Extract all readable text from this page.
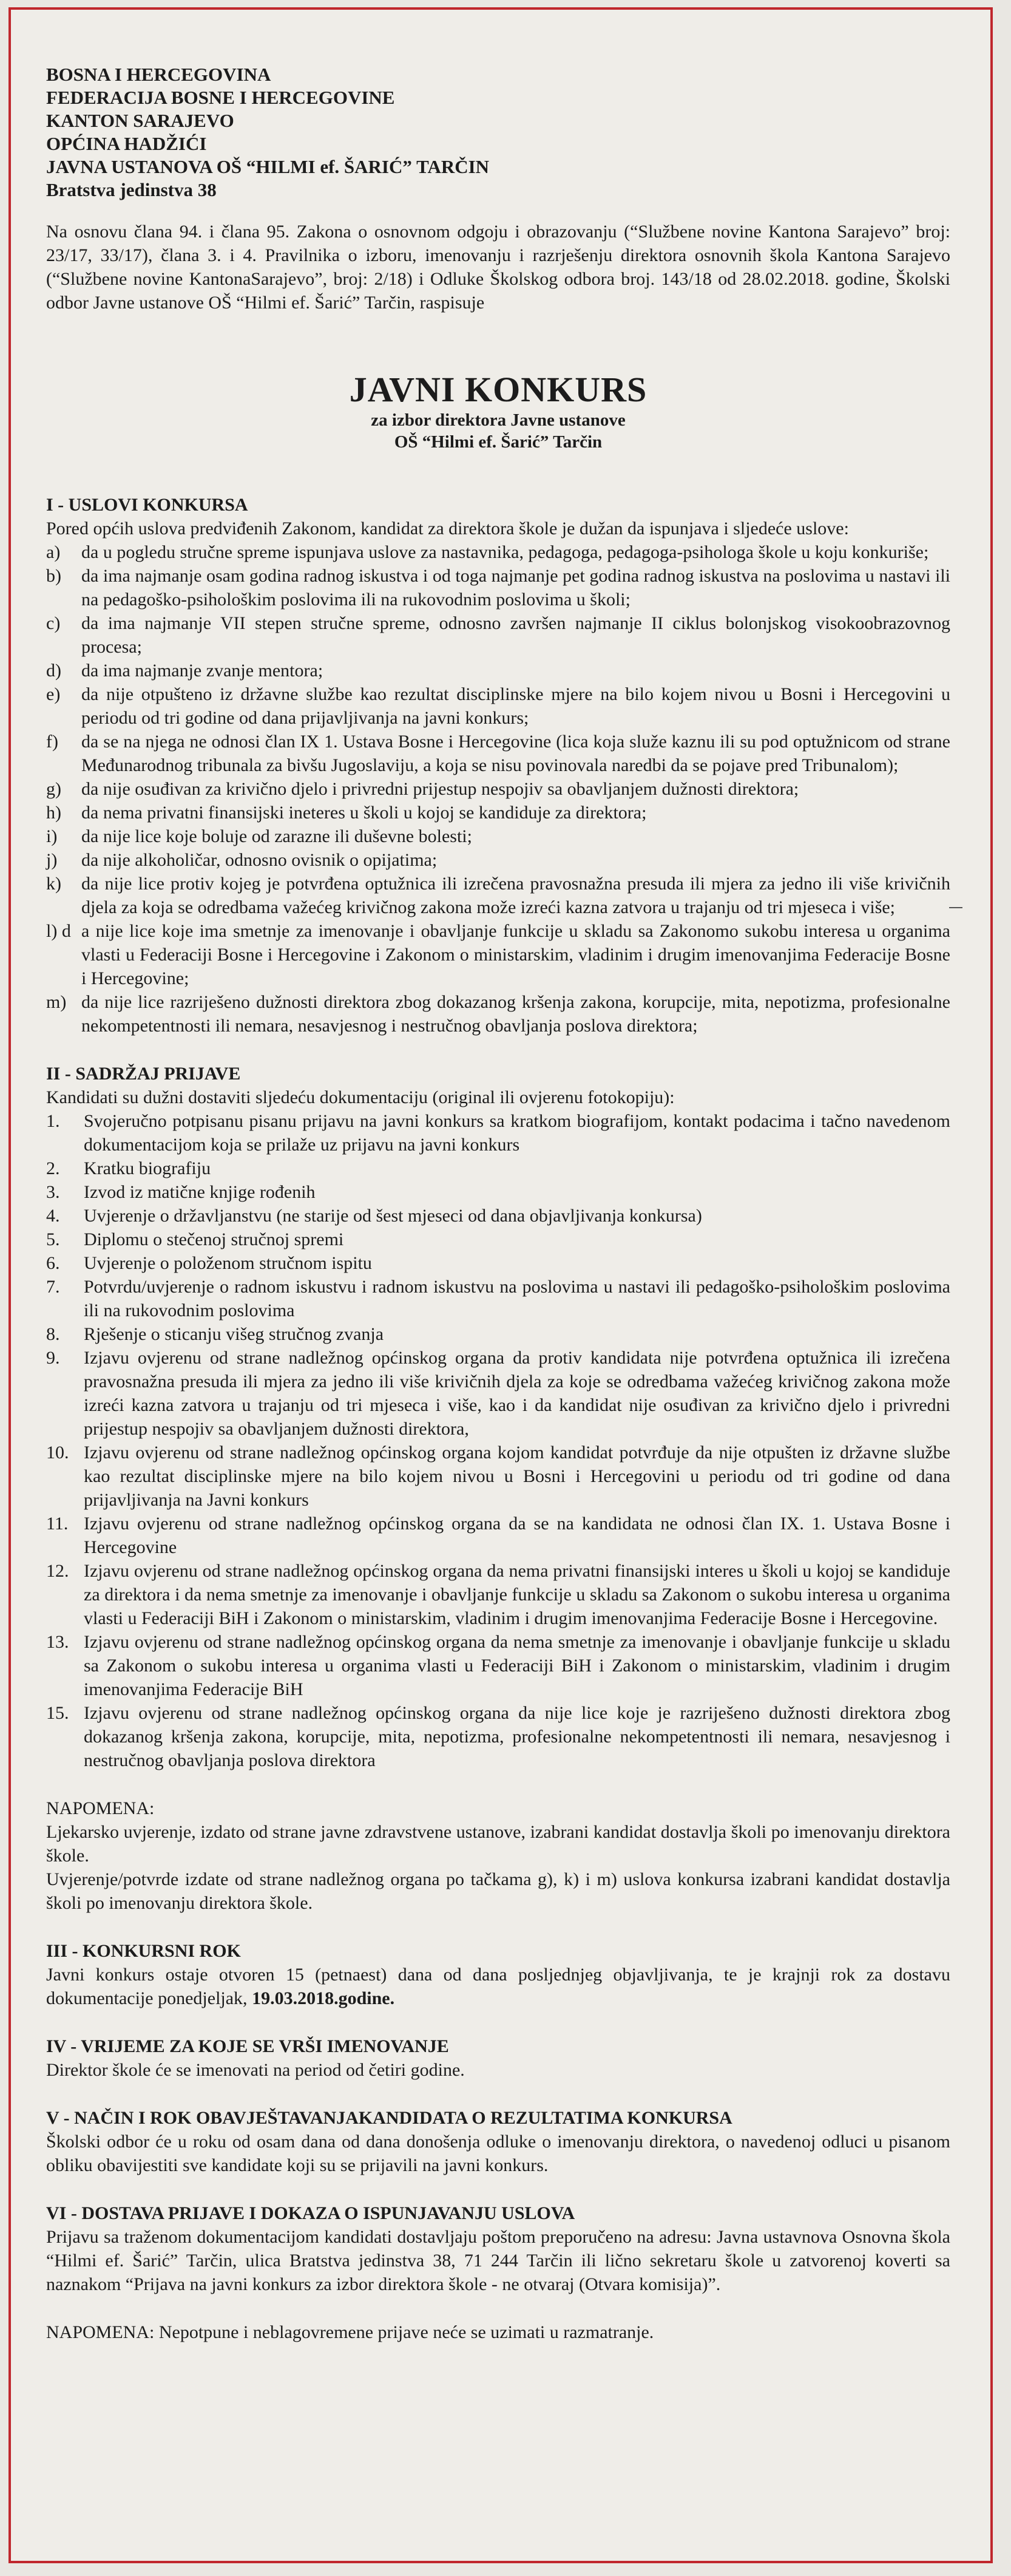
BOSNA I HERCEGOVINA
FEDERACIJA BOSNE I HERCEGOVINE
KANTON SARAJEVO
OPĆINA HADŽIĆI
JAVNA USTANOVA OŠ “HILMI ef. ŠARIĆ” TARČIN
Bratstva jedinstva 38

Na osnovu člana 94. i člana 95. Zakona o osnovnom odgoju i obrazovanju (“Službene novine Kantona Sarajevo” broj: 23/17, 33/17), člana 3. i 4. Pravilnika o izboru, imenovanju i razrješenju direktora osnovnih škola Kantona Sarajevo (“Službene novine KantonaSarajevo”, broj: 2/18) i Odluke Školskog odbora broj. 143/18 od 28.02.2018. godine, Školski odbor Javne ustanove OŠ “Hilmi ef. Šarić” Tarčin, raspisuje

JAVNI KONKURS
za izbor direktora Javne ustanove
OŠ “Hilmi ef. Šarić” Tarčin
I - USLOVI KONKURSA

Pored općih uslova predviđenih Zakonom, kandidat za direktora škole je dužan da ispunjava i sljedeće uslove:

a) da u pogledu stručne spreme ispunjava uslove za nastavnika, pedagoga, pedagoga-psihologa škole u koju konkuriše;
b) da ima najmanje osam godina radnog iskustva i od toga najmanje pet godina radnog iskustva na poslovima u nastavi ili na pedagoško-psihološkim poslovima ili na rukovodnim poslovima u školi;
c) da ima najmanje VII stepen stručne spreme, odnosno završen najmanje II ciklus bolonjskog visokoobrazovnog procesa;
d) da ima najmanje zvanje mentora;
e) da nije otpušteno iz državne službe kao rezultat disciplinske mjere na bilo kojem nivou u Bosni i Hercegovini u periodu od tri godine od dana prijavljivanja na javni konkurs;
f) da se na njega ne odnosi član IX 1. Ustava Bosne i Hercegovine (lica koja služe kaznu ili su pod optužnicom od strane Međunarodnog tribunala za bivšu Jugoslaviju, a koja se nisu povinovala naredbi da se pojave pred Tribunalom);
g) da nije osuđivan za krivično djelo i privredni prijestup nespojiv sa obavljanjem dužnosti direktora;
h) da nema privatni finansijski ineteres u školi u kojoj se kandiduje za direktora;
i) da nije lice koje boluje od zarazne ili duševne bolesti;
j) da nije alkoholičar, odnosno ovisnik o opijatima;
k) da nije lice protiv kojeg je potvrđena optužnica ili izrečena pravosnažna presuda ili mjera za jedno ili više krivičnih djela za koja se odredbama važećeg krivičnog zakona može izreći kazna zatvora u trajanju od tri mjeseca i više;
l) d a nije lice koje ima smetnje za imenovanje i obavljanje funkcije u skladu sa Zakonomo sukobu interesa u organima vlasti u Federaciji Bosne i Hercegovine i Zakonom o ministarskim, vladinim i drugim imenovanjima Federacije Bosne i Hercegovine;
m) da nije lice razriješeno dužnosti direktora zbog dokazanog kršenja zakona, korupcije, mita, nepotizma, profesionalne nekompetentnosti ili nemara, nesavjesnog i nestručnog obavljanja poslova direktora;
II - SADRŽAJ PRIJAVE

Kandidati su dužni dostaviti sljedeću dokumentaciju (original ili ovjerenu fotokopiju):

1. Svojeručno potpisanu pisanu prijavu na javni konkurs sa kratkom biografijom, kontakt podacima i tačno navedenom dokumentacijom koja se prilaže uz prijavu na javni konkurs
2. Kratku biografiju
3. Izvod iz matične knjige rođenih
4. Uvjerenje o državljanstvu (ne starije od šest mjeseci od dana objavljivanja konkursa)
5. Diplomu o stečenoj stručnoj spremi
6. Uvjerenje o položenom stručnom ispitu
7. Potvrdu/uvjerenje o radnom iskustvu i radnom iskustvu na poslovima u nastavi ili pedagoško-psihološkim poslovima ili na rukovodnim poslovima
8. Rješenje o sticanju višeg stručnog zvanja
9. Izjavu ovjerenu od strane nadležnog općinskog organa da protiv kandidata nije potvrđena optužnica ili izrečena pravosnažna presuda ili mjera za jedno ili više krivičnih djela za koje se odredbama važećeg krivičnog zakona može izreći kazna zatvora u trajanju od tri mjeseca i više, kao i da kandidat nije osuđivan za krivično djelo i privredni prijestup nespojiv sa obavljanjem dužnosti direktora,
10. Izjavu ovjerenu od strane nadležnog općinskog organa kojom kandidat potvrđuje da nije otpušten iz državne službe kao rezultat disciplinske mjere na bilo kojem nivou u Bosni i Hercegovini u periodu od tri godine od dana prijavljivanja na Javni konkurs
11. Izjavu ovjerenu od strane nadležnog općinskog organa da se na kandidata ne odnosi član IX. 1. Ustava Bosne i Hercegovine
12. Izjavu ovjerenu od strane nadležnog općinskog organa da nema privatni finansijski interes u školi u kojoj se kandiduje za direktora i da nema smetnje za imenovanje i obavljanje funkcije u skladu sa Zakonom o sukobu interesa u organima vlasti u Federaciji BiH i Zakonom o ministarskim, vladinim i drugim imenovanjima Federacije Bosne i Hercegovine.
13. Izjavu ovjerenu od strane nadležnog općinskog organa da nema smetnje za imenovanje i obavljanje funkcije u skladu sa Zakonom o sukobu interesa u organima vlasti u Federaciji BiH i Zakonom o ministarskim, vladinim i drugim imenovanjima Federacije BiH
15. Izjavu ovjerenu od strane nadležnog općinskog organa da nije lice koje je razriješeno dužnosti direktora zbog dokazanog kršenja zakona, korupcije, mita, nepotizma, profesionalne nekompetentnosti ili nemara, nesavjesnog i nestručnog obavljanja poslova direktora

NAPOMENA:

Ljekarsko uvjerenje, izdato od strane javne zdravstvene ustanove, izabrani kandidat dostavlja školi po imenovanju direktora škole.

Uvjerenje/potvrde izdate od strane nadležnog organa po tačkama g), k) i m) uslova konkursa izabrani kandidat dostavlja školi po imenovanju direktora škole.

III - KONKURSNI ROK

Javni konkurs ostaje otvoren 15 (petnaest) dana od dana posljednjeg objavljivanja, te je krajnji rok za dostavu dokumentacije ponedjeljak, 19.03.2018.godine.

IV - VRIJEME ZA KOJE SE VRŠI IMENOVANJE

Direktor škole će se imenovati na period od četiri godine.

V - NAČIN I ROK OBAVJEŠTAVANJAKANDIDATA O REZULTATIMA KONKURSA

Školski odbor će u roku od osam dana od dana donošenja odluke o imenovanju direktora, o navedenoj odluci u pisanom obliku obavijestiti sve kandidate koji su se prijavili na javni konkurs.

VI - DOSTAVA PRIJAVE I DOKAZA O ISPUNJAVANJU USLOVA

Prijavu sa traženom dokumentacijom kandidati dostavljaju poštom preporučeno na adresu: Javna ustavnova Osnovna škola “Hilmi ef. Šarić” Tarčin, ulica Bratstva jedinstva 38, 71 244 Tarčin ili lično sekretaru škole u zatvorenoj koverti sa naznakom “Prijava na javni konkurs za izbor direktora škole - ne otvaraj (Otvara komisija)”.

NAPOMENA: Nepotpune i neblagovremene prijave neće se uzimati u razmatranje.
